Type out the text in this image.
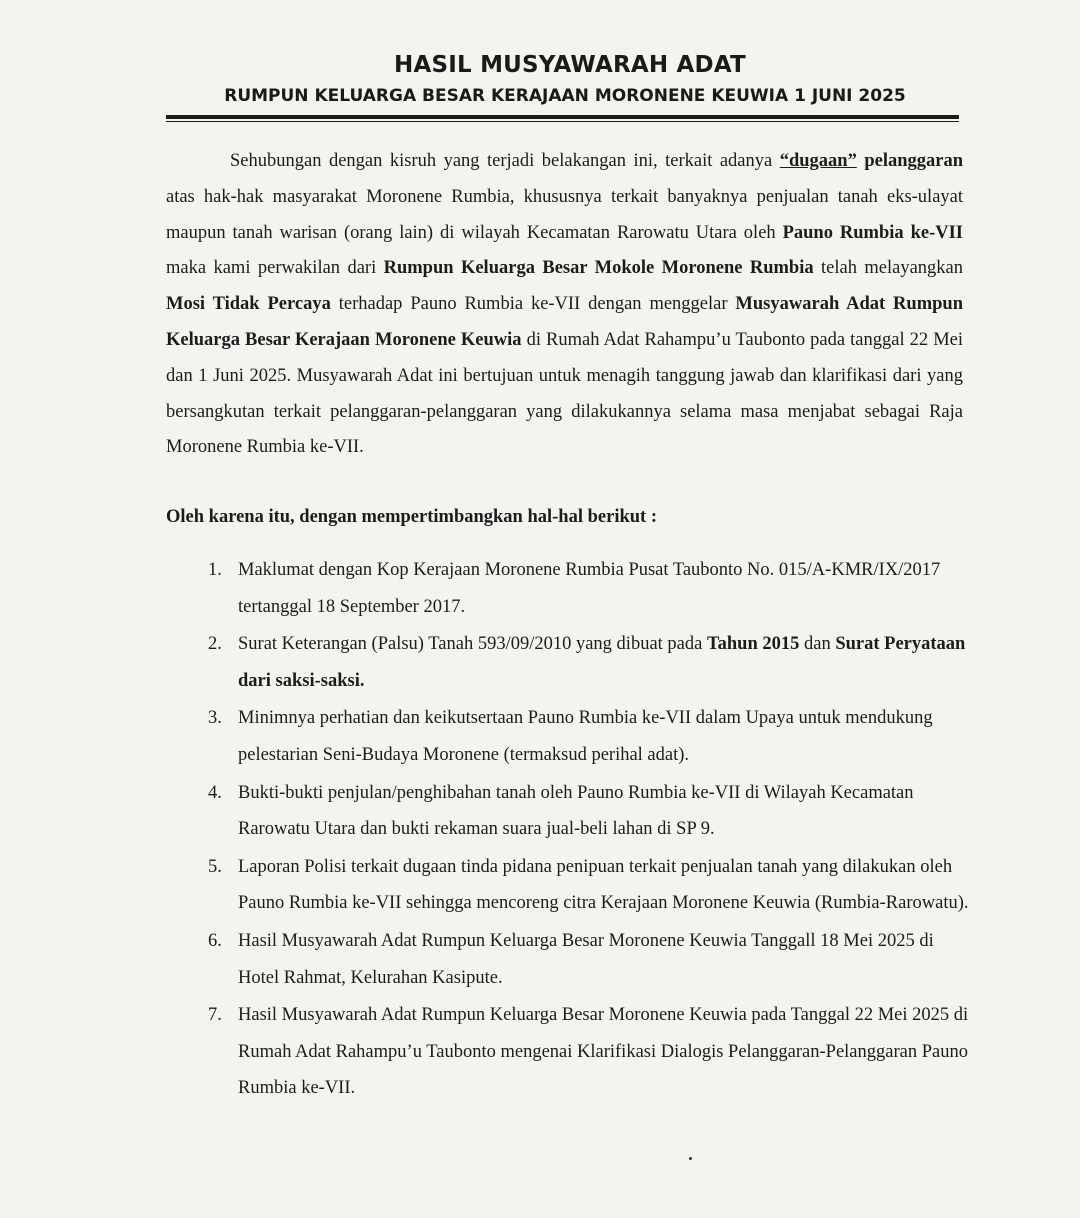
HASIL MUSYAWARAH ADAT
RUMPUN KELUARGA BESAR KERAJAAN MORONENE KEUWIA 1 JUNI 2025

Sehubungan dengan kisruh yang terjadi belakangan ini, terkait adanya “dugaan” pelanggaran atas hak-hak masyarakat Moronene Rumbia, khususnya terkait banyaknya penjualan tanah eks-ulayat maupun tanah warisan (orang lain) di wilayah Kecamatan Rarowatu Utara oleh Pauno Rumbia ke-VII maka kami perwakilan dari Rumpun Keluarga Besar Mokole Moronene Rumbia telah melayangkan Mosi Tidak Percaya terhadap Pauno Rumbia ke-VII dengan menggelar Musyawarah Adat Rumpun Keluarga Besar Kerajaan Moronene Keuwia di Rumah Adat Rahampu’u Taubonto pada tanggal 22 Mei dan 1 Juni 2025. Musyawarah Adat ini bertujuan untuk menagih tanggung jawab dan klarifikasi dari yang bersangkutan terkait pelanggaran-pelanggaran yang dilakukannya selama masa menjabat sebagai Raja Moronene Rumbia ke-VII.

Oleh karena itu, dengan mempertimbangkan hal-hal berikut :

1. Maklumat dengan Kop Kerajaan Moronene Rumbia Pusat Taubonto No. 015/A-KMR/IX/2017 tertanggal 18 September 2017.
2. Surat Keterangan (Palsu) Tanah 593/09/2010 yang dibuat pada Tahun 2015 dan Surat Peryataan dari saksi-saksi.
3. Minimnya perhatian dan keikutsertaan Pauno Rumbia ke-VII dalam Upaya untuk mendukung pelestarian Seni-Budaya Moronene (termaksud perihal adat).
4. Bukti-bukti penjulan/penghibahan tanah oleh Pauno Rumbia ke-VII di Wilayah Kecamatan Rarowatu Utara dan bukti rekaman suara jual-beli lahan di SP 9.
5. Laporan Polisi terkait dugaan tinda pidana penipuan terkait penjualan tanah yang dilakukan oleh Pauno Rumbia ke-VII sehingga mencoreng citra Kerajaan Moronene Keuwia (Rumbia-Rarowatu).
6. Hasil Musyawarah Adat Rumpun Keluarga Besar Moronene Keuwia Tanggall 18 Mei 2025 di Hotel Rahmat, Kelurahan Kasipute.
7. Hasil Musyawarah Adat Rumpun Keluarga Besar Moronene Keuwia pada Tanggal 22 Mei 2025 di Rumah Adat Rahampu’u Taubonto mengenai Klarifikasi Dialogis Pelanggaran-Pelanggaran Pauno Rumbia ke-VII.
